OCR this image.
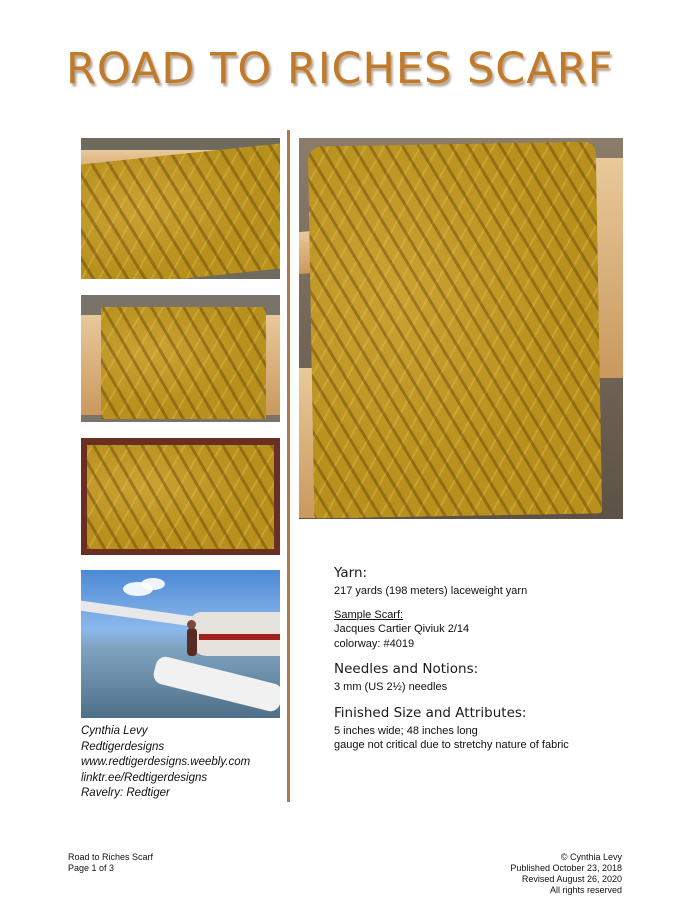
ROAD TO RICHES SCARF
Cynthia Levy
Redtigerdesigns
www.redtigerdesigns.weebly.com
linktr.ee/Redtigerdesigns
Ravelry: Redtiger
Yarn:
217 yards (198 meters) laceweight yarn
Sample Scarf:
Jacques Cartier Qiviuk 2/14
colorway: #4019
Needles and Notions:
3 mm (US 2½) needles
Finished Size and Attributes:
5 inches wide; 48 inches long
gauge not critical due to stretchy nature of fabric
Road to Riches Scarf
Page 1 of 3
© Cynthia Levy
Published October 23, 2018
Revised August 26, 2020
All rights reserved
